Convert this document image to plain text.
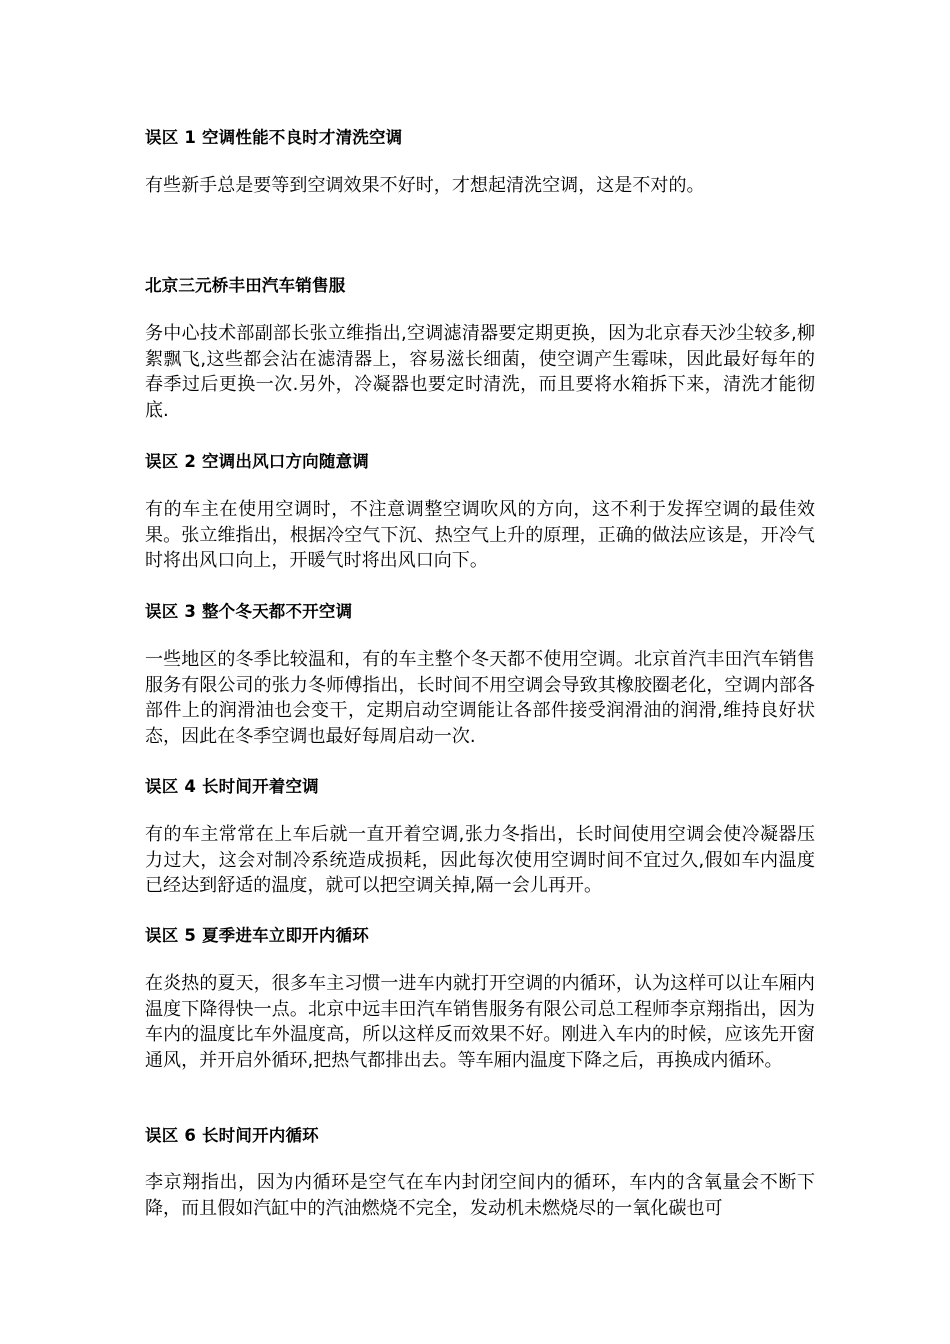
误区 1 空调性能不良时才清洗空调

有些新手总是要等到空调效果不好时，才想起清洗空调，这是不对的。

北京三元桥丰田汽车销售服

务中心技术部副部长张立维指出,空调滤清器要定期更换，因为北京春天沙尘较多,柳絮飘飞,这些都会沾在滤清器上，容易滋长细菌，使空调产生霉味，因此最好每年的春季过后更换一次.另外，冷凝器也要定时清洗，而且要将水箱拆下来，清洗才能彻底.

误区 2 空调出风口方向随意调

有的车主在使用空调时，不注意调整空调吹风的方向，这不利于发挥空调的最佳效果。张立维指出，根据冷空气下沉、热空气上升的原理，正确的做法应该是，开冷气时将出风口向上，开暖气时将出风口向下。

误区 3 整个冬天都不开空调

一些地区的冬季比较温和，有的车主整个冬天都不使用空调。北京首汽丰田汽车销售服务有限公司的张力冬师傅指出，长时间不用空调会导致其橡胶圈老化，空调内部各部件上的润滑油也会变干，定期启动空调能让各部件接受润滑油的润滑,维持良好状态，因此在冬季空调也最好每周启动一次.

误区 4 长时间开着空调

有的车主常常在上车后就一直开着空调,张力冬指出，长时间使用空调会使冷凝器压力过大，这会对制冷系统造成损耗，因此每次使用空调时间不宜过久,假如车内温度已经达到舒适的温度，就可以把空调关掉,隔一会儿再开。

误区 5 夏季进车立即开内循环

在炎热的夏天，很多车主习惯一进车内就打开空调的内循环，认为这样可以让车厢内温度下降得快一点。北京中远丰田汽车销售服务有限公司总工程师李京翔指出，因为车内的温度比车外温度高，所以这样反而效果不好。刚进入车内的时候，应该先开窗通风，并开启外循环,把热气都排出去。等车厢内温度下降之后，再换成内循环。

误区 6 长时间开内循环

李京翔指出，因为内循环是空气在车内封闭空间内的循环，车内的含氧量会不断下降，而且假如汽缸中的汽油燃烧不完全，发动机未燃烧尽的一氧化碳也可
